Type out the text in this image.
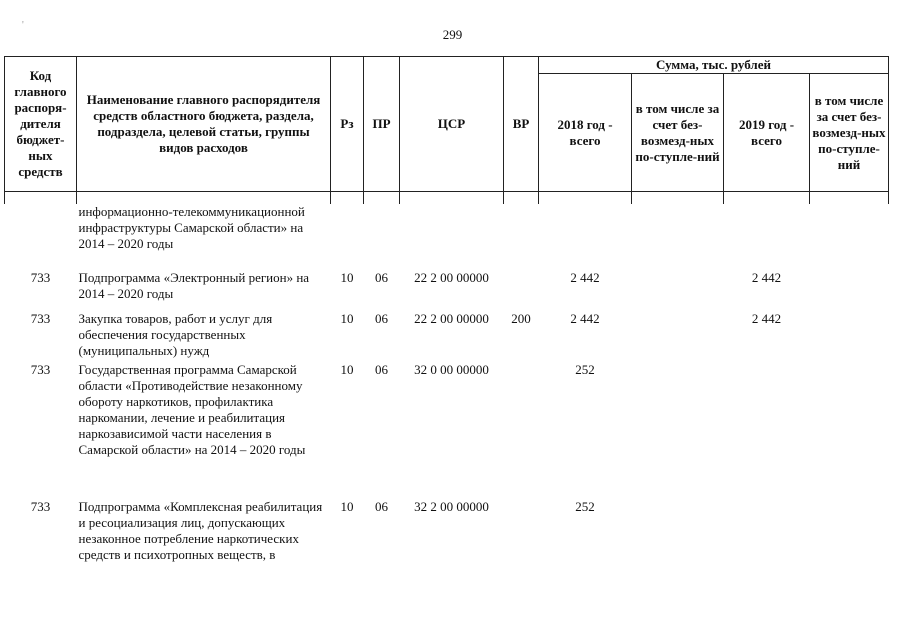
'
299
Код главного распоря-дителя бюджет-ных средств	Наименование главного распорядителя средств областного бюджета, раздела, подраздела, целевой статьи, группы видов расходов	Рз	ПР	ЦСР	ВР	Сумма, тыс. рублей			
						2018 год - всего	в том числе за счет без-возмезд-ных по-ступле-ний	2019 год - всего	в том числе за счет без-возмезд-ных по-ступле-ний

	информационно-телекоммуникационной инфраструктуры Самарской области» на 2014 – 2020 годы								
733	Подпрограмма «Электронный регион» на 2014 – 2020 годы	10	06	22 2 00 00000		2 442		2 442	
733	Закупка товаров, работ и услуг для обеспечения государственных (муниципальных) нужд	10	06	22 2 00 00000	200	2 442		2 442	
733	Государственная программа Самарской области «Противодействие незаконному обороту наркотиков, профилактика наркомании, лечение и реабилитация наркозависимой части населения в Самарской области» на 2014 – 2020 годы	10	06	32 0 00 00000		252			
733	Подпрограмма «Комплексная реабилитация и ресоциализация лиц, допускающих незаконное потребление наркотических средств и психотропных веществ, в	10	06	32 2 00 00000		252			
